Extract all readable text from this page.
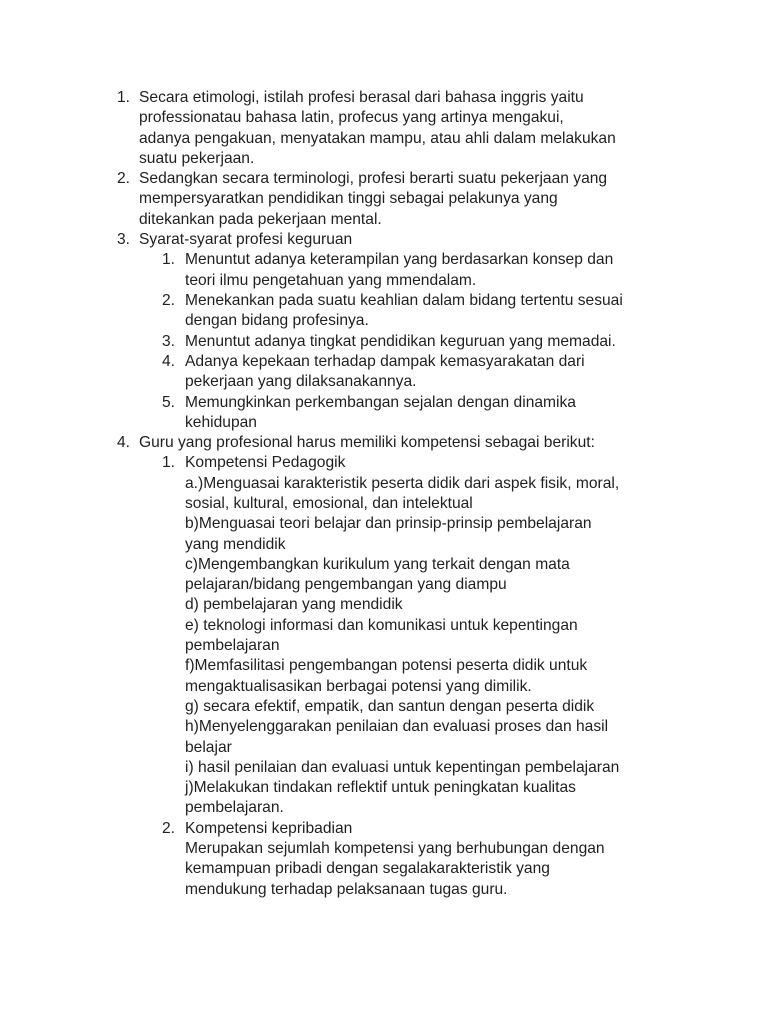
1. Secara etimologi, istilah profesi berasal dari bahasa inggris yaitu
professionatau bahasa latin, profecus yang artinya mengakui,
adanya pengakuan, menyatakan mampu, atau ahli dalam melakukan
suatu pekerjaan.
2. Sedangkan secara terminologi, profesi berarti suatu pekerjaan yang
mempersyaratkan pendidikan tinggi sebagai pelakunya yang
ditekankan pada pekerjaan mental.
3. Syarat-syarat profesi keguruan
1. Menuntut adanya keterampilan yang berdasarkan konsep dan
teori ilmu pengetahuan yang mmendalam.
2. Menekankan pada suatu keahlian dalam bidang tertentu sesuai
dengan bidang profesinya.
3. Menuntut adanya tingkat pendidikan keguruan yang memadai.
4. Adanya kepekaan terhadap dampak kemasyarakatan dari
pekerjaan yang dilaksanakannya.
5. Memungkinkan perkembangan sejalan dengan dinamika
kehidupan
4. Guru yang profesional harus memiliki kompetensi sebagai berikut:
1. Kompetensi Pedagogik
a.)Menguasai karakteristik peserta didik dari aspek fisik, moral,
sosial, kultural, emosional, dan intelektual
b)Menguasai teori belajar dan prinsip-prinsip pembelajaran
yang mendidik
c)Mengembangkan kurikulum yang terkait dengan mata
pelajaran/bidang pengembangan yang diampu
d) pembelajaran yang mendidik
e) teknologi informasi dan komunikasi untuk kepentingan
pembelajaran
f)Memfasilitasi pengembangan potensi peserta didik untuk
mengaktualisasikan berbagai potensi yang dimilik.
g) secara efektif, empatik, dan santun dengan peserta didik
h)Menyelenggarakan penilaian dan evaluasi proses dan hasil
belajar
i) hasil penilaian dan evaluasi untuk kepentingan pembelajaran
j)Melakukan tindakan reflektif untuk peningkatan kualitas
pembelajaran.
2. Kompetensi kepribadian
Merupakan sejumlah kompetensi yang berhubungan dengan
kemampuan pribadi dengan segalakarakteristik yang
mendukung terhadap pelaksanaan tugas guru.
